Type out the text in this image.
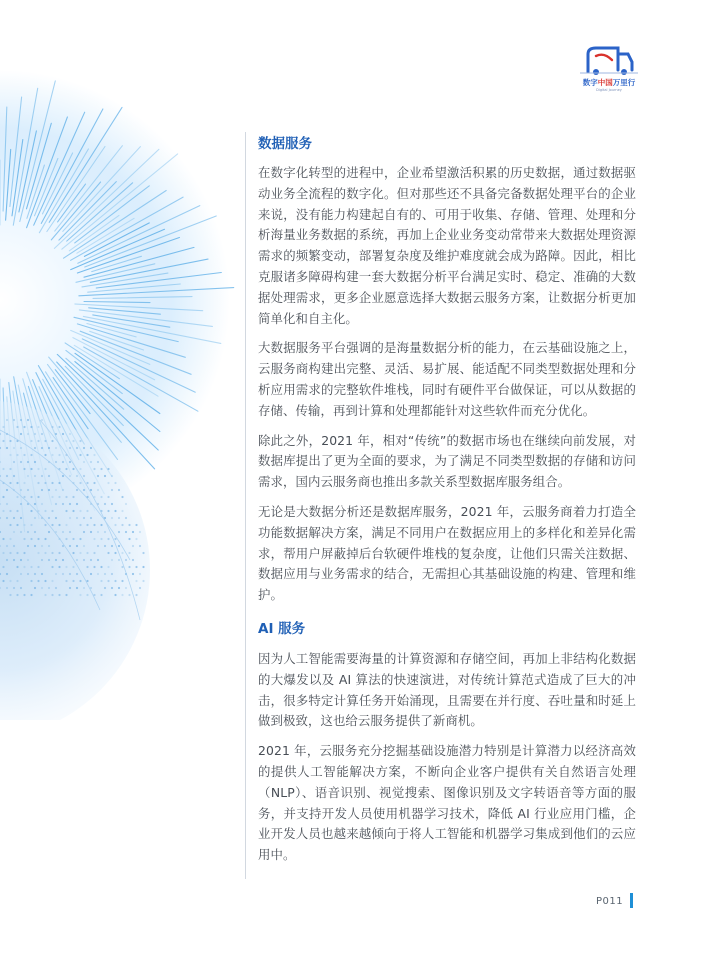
数字中国万里行
Digital Journey
数据服务

在数字化转型的进程中，企业希望激活积累的历史数据，通过数据驱动业务全流程的数字化。但对那些还不具备完备数据处理平台的企业来说，没有能力构建起自有的、可用于收集、存储、管理、处理和分析海量业务数据的系统，再加上企业业务变动常带来大数据处理资源需求的频繁变动，部署复杂度及维护难度就会成为路障。因此，相比克服诸多障碍构建一套大数据分析平台满足实时、稳定、准确的大数据处理需求，更多企业愿意选择大数据云服务方案，让数据分析更加简单化和自主化。

大数据服务平台强调的是海量数据分析的能力，在云基础设施之上，云服务商构建出完整、灵活、易扩展、能适配不同类型数据处理和分析应用需求的完整软件堆栈，同时有硬件平台做保证，可以从数据的存储、传输，再到计算和处理都能针对这些软件而充分优化。

除此之外，2021 年，相对“传统”的数据市场也在继续向前发展，对数据库提出了更为全面的要求，为了满足不同类型数据的存储和访问需求，国内云服务商也推出多款关系型数据库服务组合。

无论是大数据分析还是数据库服务，2021 年，云服务商着力打造全功能数据解决方案，满足不同用户在数据应用上的多样化和差异化需求，帮用户屏蔽掉后台软硬件堆栈的复杂度，让他们只需关注数据、数据应用与业务需求的结合，无需担心其基础设施的构建、管理和维护。

AI 服务

因为人工智能需要海量的计算资源和存储空间，再加上非结构化数据的大爆发以及 AI 算法的快速演进，对传统计算范式造成了巨大的冲击，很多特定计算任务开始涌现，且需要在并行度、吞吐量和时延上做到极致，这也给云服务提供了新商机。

2021 年，云服务充分挖掘基础设施潜力特别是计算潜力以经济高效的提供人工智能解决方案，不断向企业客户提供有关自然语言处理（NLP）、语音识别、视觉搜索、图像识别及文字转语音等方面的服务，并支持开发人员使用机器学习技术，降低 AI 行业应用门槛，企业开发人员也越来越倾向于将人工智能和机器学习集成到他们的云应用中。

P011
